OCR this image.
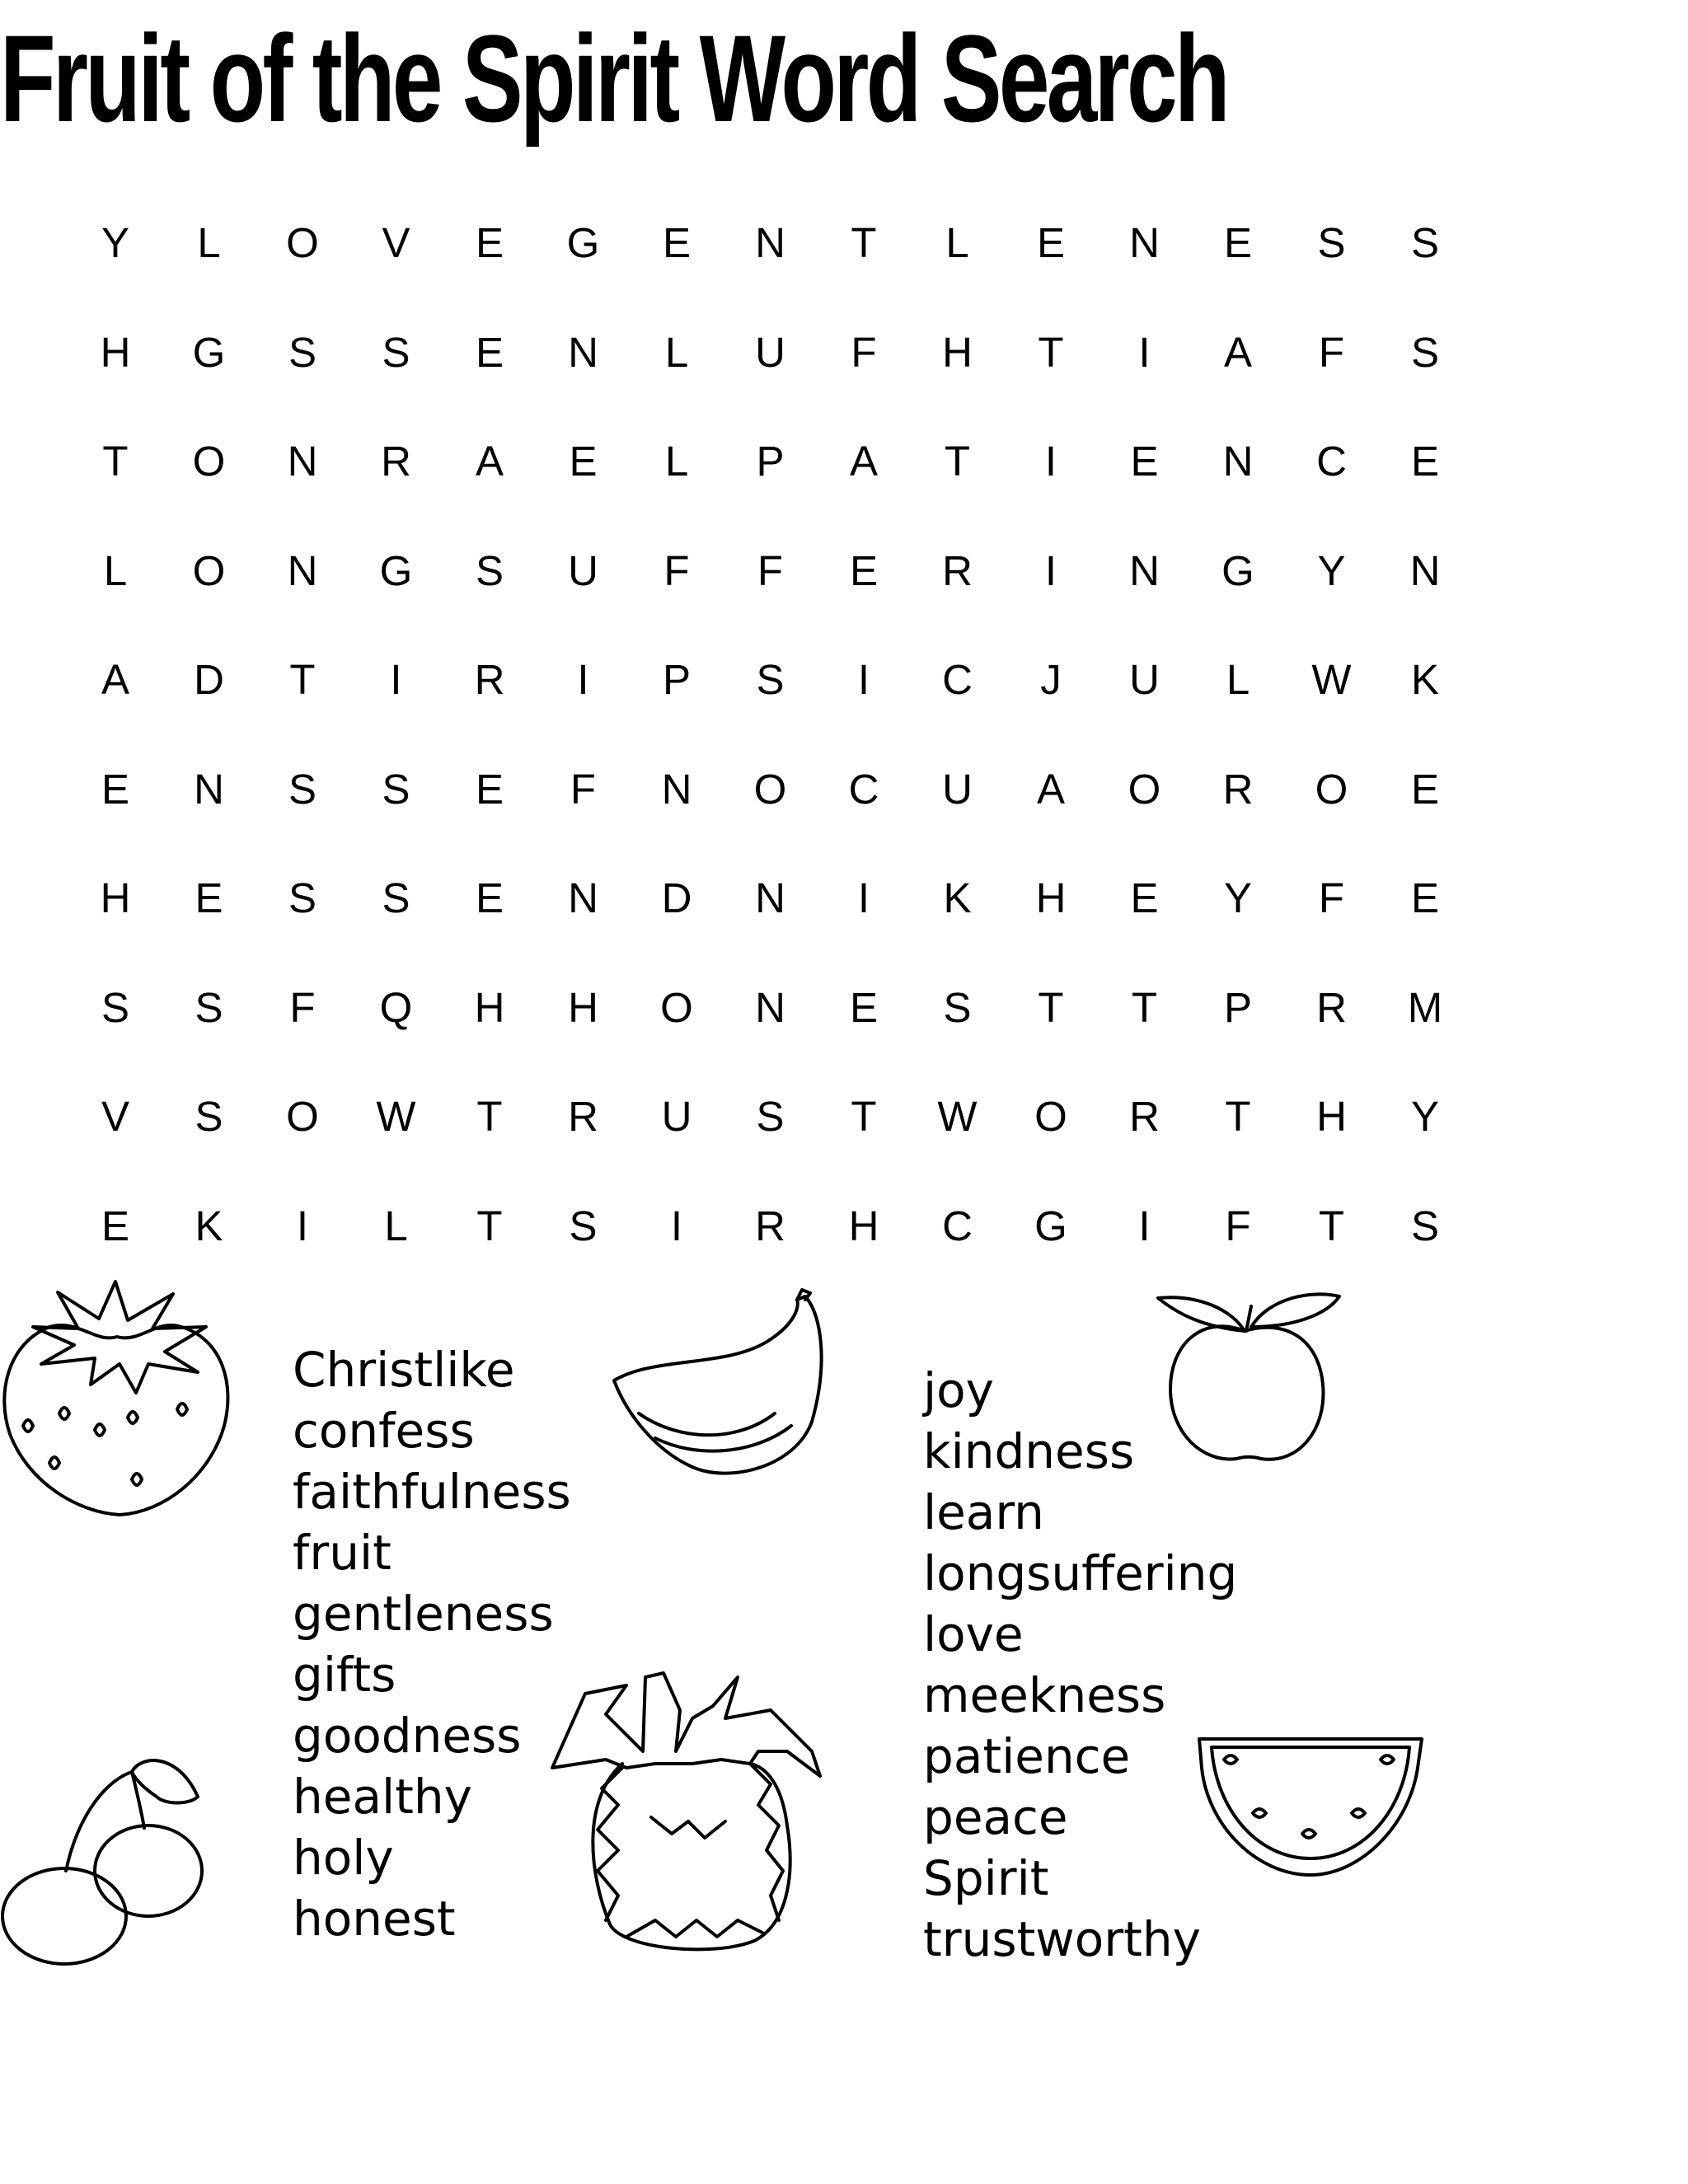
Fruit of the Spirit Word Search
Y	L	O	V	E	G	E	N	T	L	E	N	E	S	S
H	G	S	S	E	N	L	U	F	H	T	I	A	F	S
T	O	N	R	A	E	L	P	A	T	I	E	N	C	E
L	O	N	G	S	U	F	F	E	R	I	N	G	Y	N
A	D	T	I	R	I	P	S	I	C	J	U	L	W	K
E	N	S	S	E	F	N	O	C	U	A	O	R	O	E
H	E	S	S	E	N	D	N	I	K	H	E	Y	F	E
S	S	F	Q	H	H	O	N	E	S	T	T	P	R	M
V	S	O	W	T	R	U	S	T	W	O	R	T	H	Y
E	K	I	L	T	S	I	R	H	C	G	I	F	T	S
Christlike
confess
faithfulness
fruit
gentleness
gifts
goodness
healthy
holy
honest
joy
kindness
learn
longsuffering
love
meekness
patience
peace
Spirit
trustworthy
